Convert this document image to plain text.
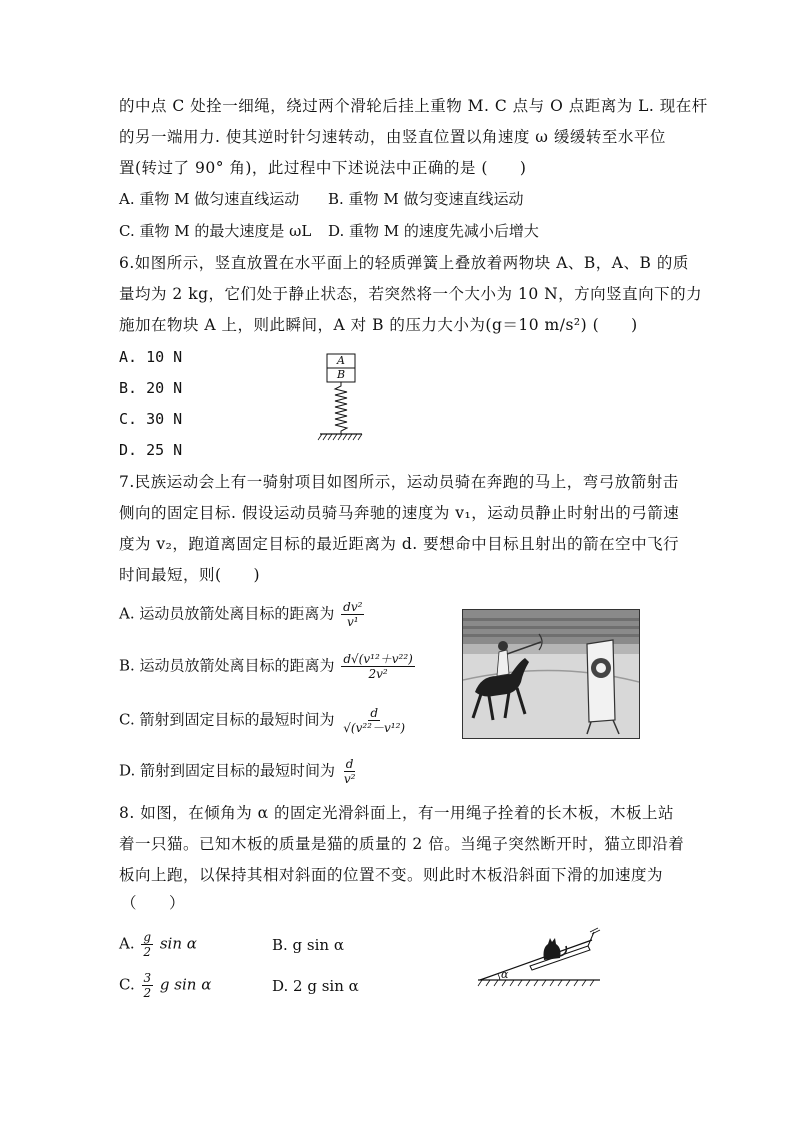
的中点 C 处拴一细绳，绕过两个滑轮后挂上重物 M. C 点与 O 点距离为 L. 现在杆
的另一端用力. 使其逆时针匀速转动，由竖直位置以角速度 ω 缓缓转至水平位
置(转过了 90° 角)，此过程中下述说法中正确的是 (　　)
A. 重物 M 做匀速直线运动 B. 重物 M 做匀变速直线运动
C. 重物 M 的最大速度是 ωL D. 重物 M 的速度先减小后增大
6.如图所示，竖直放置在水平面上的轻质弹簧上叠放着两物块 A、B，A、B 的质
量均为 2 kg，它们处于静止状态，若突然将一个大小为 10 N，方向竖直向下的力
施加在物块 A 上，则此瞬间，A 对 B 的压力大小为(g＝10 m/s²) (　　)
A. 10 N
B. 20 N
C. 30 N
D. 25 N
A
B
7.民族运动会上有一骑射项目如图所示，运动员骑在奔跑的马上，弯弓放箭射击
侧向的固定目标. 假设运动员骑马奔驰的速度为 v₁，运动员静止时射出的弓箭速
度为 v₂，跑道离固定目标的最近距离为 d. 要想命中目标且射出的箭在空中飞行
时间最短，则(　　)
A. 运动员放箭处离目标的距离为 $\frac{\text{dv²}}{\text{v¹}}$
B. 运动员放箭处离目标的距离为 $\frac{\text{d√(v¹²＋v²²)}}{\text{2v²}}$
C. 箭射到固定目标的最短时间为 $\frac{d}{\text{√(v²²－v¹²)}}$
D. 箭射到固定目标的最短时间为 $\frac{d}{\text{v²}}$
8. 如图，在倾角为 α 的固定光滑斜面上，有一用绳子拴着的长木板，木板上站
着一只猫。已知木板的质量是猫的质量的 2 倍。当绳子突然断开时，猫立即沿着
板向上跑，以保持其相对斜面的位置不变。则此时木板沿斜面下滑的加速度为
（　　）
A. $\frac{g}{2}$ sin α	B. g sin α
C. $\frac{3}{2}$ g sin α	D. 2 g sin α
α
